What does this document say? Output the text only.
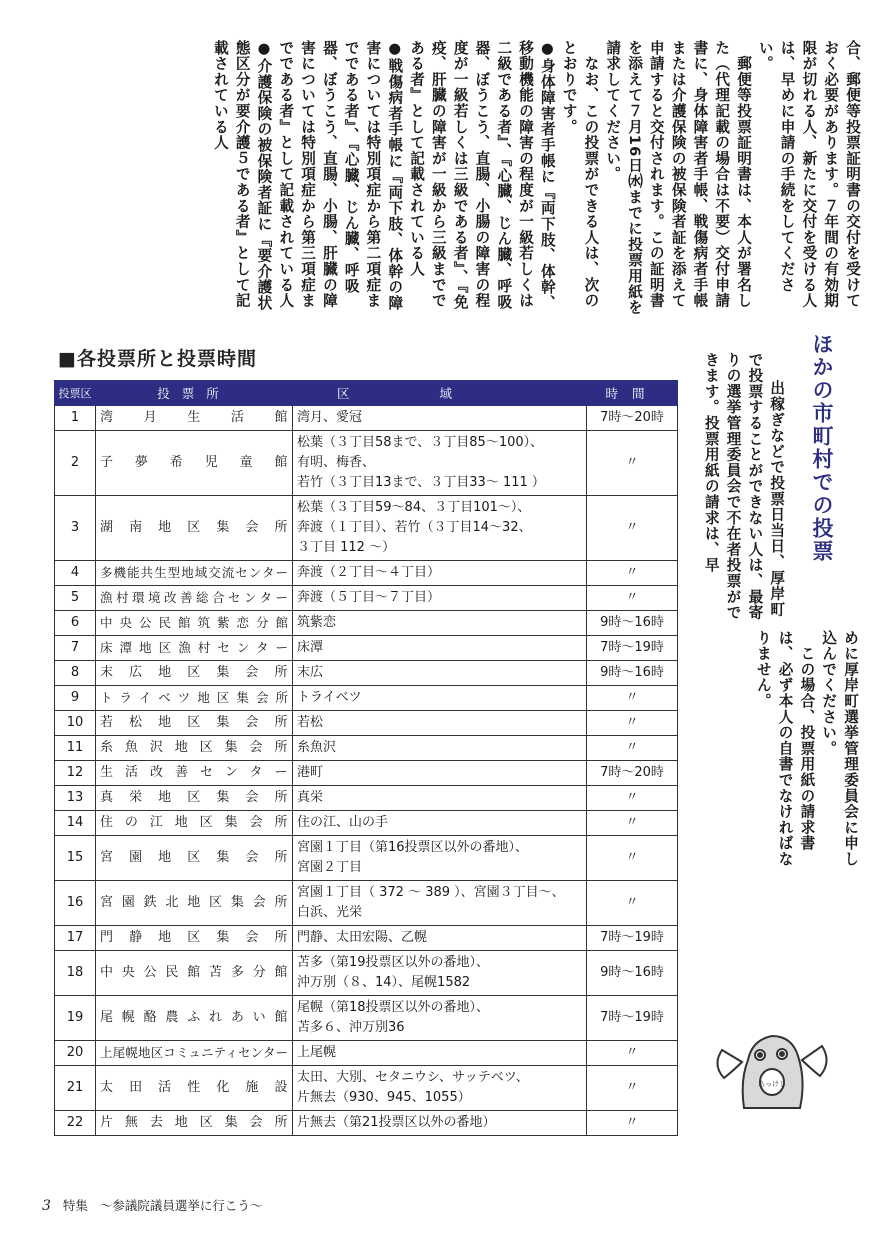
合、郵便等投票証明書の交付を受けておく必要があります。７年間の有効期限が切れる人、新たに交付を受ける人は、早めに申請の手続をしてください。
　郵便等投票証明書は、本人が署名した（代理記載の場合は不要）交付申請書に、身体障害者手帳、戦傷病者手帳または介護保険の被保険者証を添えて申請すると交付されます。この証明書を添えて７月16日㈬までに投票用紙を請求してください。
　なお、この投票ができる人は、次のとおりです。
●身体障害者手帳に『両下肢、体幹、移動機能の障害の程度が一級若しくは二級である者』、『心臓、じん臓、呼吸器、ぼうこう、直腸、小腸の障害の程度が一級若しくは三級である者』、『免疫、肝臓の障害が一級から三級までである者』として記載されている人
●戦傷病者手帳に『両下肢、体幹の障害については特別項症から第二項症までである者』、『心臓、じん臓、呼吸器、ぼうこう、直腸、小腸、肝臓の障害については特別項症から第三項症までである者』として記載されている人
●介護保険の被保険者証に『要介護状態区分が要介護５である者』として記載されている人
ほかの市町村での投票

　出稼ぎなどで投票日当日、厚岸町で投票することができない人は、最寄りの選挙管理委員会で不在者投票ができます。投票用紙の請求は、早

■各投票所と投票時間
投票区	投票所	区域	時間
1	湾月生活館	湾月、愛冠	7時～20時
2	子夢希児童館	松葉（３丁目58まで、３丁目85～100）、
有明、梅香、
若竹（３丁目13まで、３丁目33～ 111 ）	〃
3	湖南地区集会所	松葉（３丁目59～84、３丁目101～）、
奔渡（１丁目）、若竹（３丁目14～32、
３丁目 112 ～）	〃
4	多機能共生型地域交流センター	奔渡（２丁目～４丁目）	〃
5	漁村環境改善総合センター	奔渡（５丁目～７丁目）	〃
6	中央公民館筑紫恋分館	筑紫恋	9時～16時
7	床潭地区漁村センター	床潭	7時～19時
8	末広地区集会所	末広	9時～16時
9	トライベツ地区集会所	トライベツ	〃
10	若松地区集会所	若松	〃
11	糸魚沢地区集会所	糸魚沢	〃
12	生活改善センター	港町	7時～20時
13	真栄地区集会所	真栄	〃
14	住の江地区集会所	住の江、山の手	〃
15	宮園地区集会所	宮園１丁目（第16投票区以外の番地）、
宮園２丁目	〃
16	宮園鉄北地区集会所	宮園１丁目（ 372 ～ 389 ）、宮園３丁目～、
白浜、光栄	〃
17	門静地区集会所	門静、太田宏陽、乙幌	7時～19時
18	中央公民館苫多分館	苫多（第19投票区以外の番地）、
沖万別（８、14）、尾幌1582	9時～16時
19	尾幌酪農ふれあい館	尾幌（第18投票区以外の番地）、
苫多６、沖万別36	7時～19時
20	上尾幌地区コミュニティセンター	上尾幌	〃
21	太田活性化施設	太田、大別、セタニウシ、サッテベツ、
片無去（930、945、1055）	〃
22	片無去地区集会所	片無去（第21投票区以外の番地）	〃
3 特集 ～参議院議員選挙に行こう～
あっけし
めに厚岸町選挙管理委員会に申し込んでください。
　この場合、投票用紙の請求書は、必ず本人の自書でなければなりません。
